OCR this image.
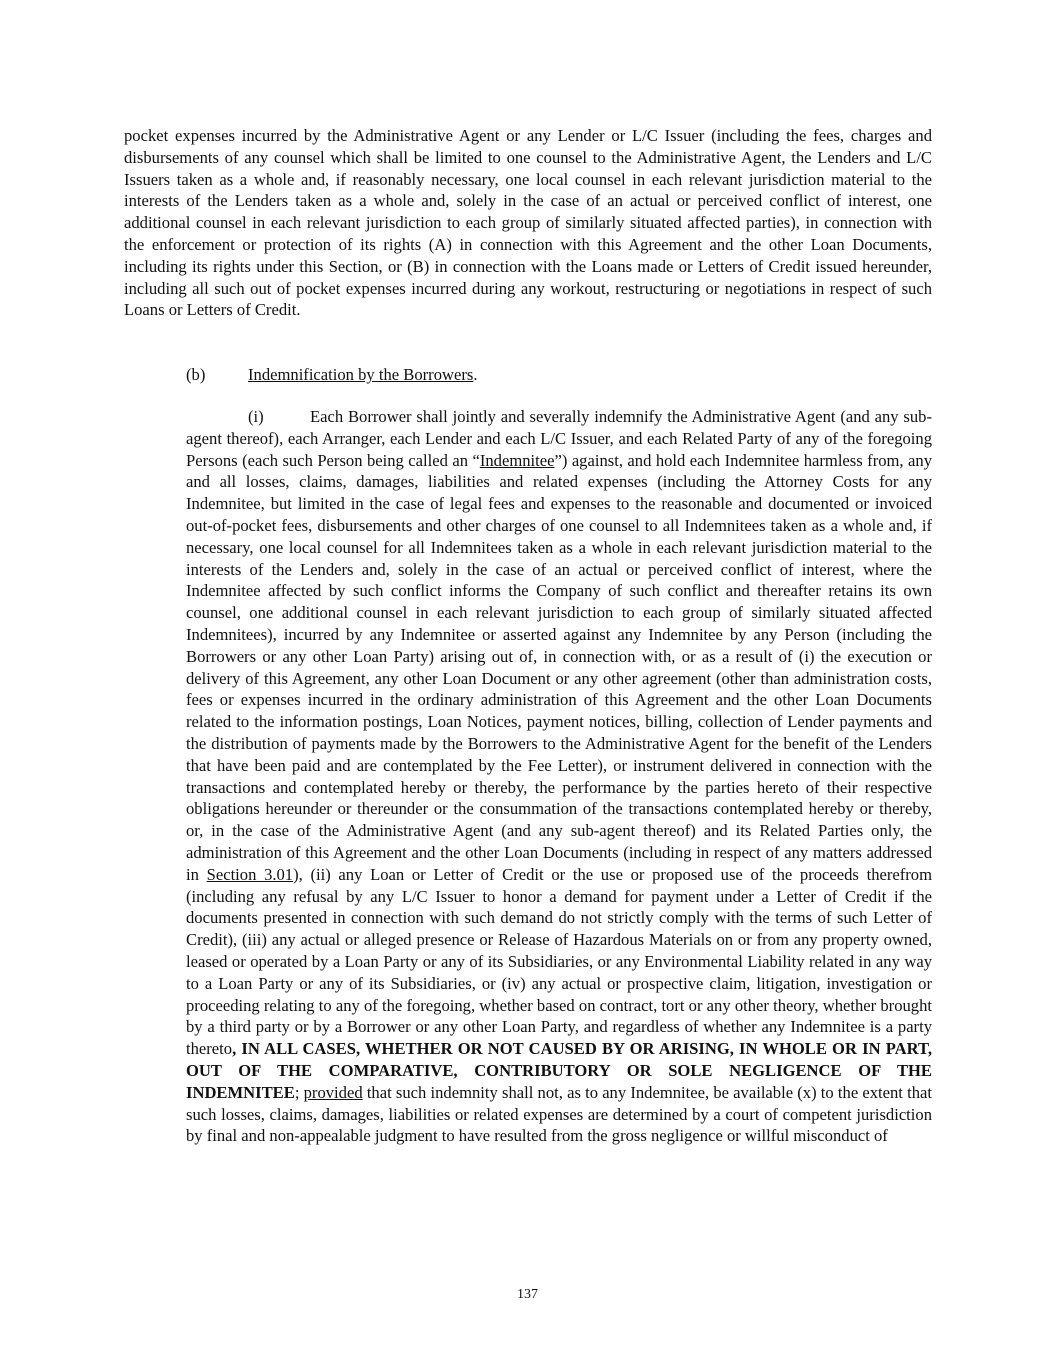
pocket expenses incurred by the Administrative Agent or any Lender or L/C Issuer (including the fees, charges and disbursements of any counsel which shall be limited to one counsel to the Administrative Agent, the Lenders and L/C Issuers taken as a whole and, if reasonably necessary, one local counsel in each relevant jurisdiction material to the interests of the Lenders taken as a whole and, solely in the case of an actual or perceived conflict of interest, one additional counsel in each relevant jurisdiction to each group of similarly situated affected parties), in connection with the enforcement or protection of its rights (A) in connection with this Agreement and the other Loan Documents, including its rights under this Section, or (B) in connection with the Loans made or Letters of Credit issued hereunder, including all such out of pocket expenses incurred during any workout, restructuring or negotiations in respect of such Loans or Letters of Credit.

(b)	Indemnification by the Borrowers.

(i)	Each Borrower shall jointly and severally indemnify the Administrative Agent (and any sub-agent thereof), each Arranger, each Lender and each L/C Issuer, and each Related Party of any of the foregoing Persons (each such Person being called an “Indemnitee”) against, and hold each Indemnitee harmless from, any and all losses, claims, damages, liabilities and related expenses (including the Attorney Costs for any Indemnitee, but limited in the case of legal fees and expenses to the reasonable and documented or invoiced out-of-pocket fees, disbursements and other charges of one counsel to all Indemnitees taken as a whole and, if necessary, one local counsel for all Indemnitees taken as a whole in each relevant jurisdiction material to the interests of the Lenders and, solely in the case of an actual or perceived conflict of interest, where the Indemnitee affected by such conflict informs the Company of such conflict and thereafter retains its own counsel, one additional counsel in each relevant jurisdiction to each group of similarly situated affected Indemnitees), incurred by any Indemnitee or asserted against any Indemnitee by any Person (including the Borrowers or any other Loan Party) arising out of, in connection with, or as a result of (i) the execution or delivery of this Agreement, any other Loan Document or any other agreement (other than administration costs, fees or expenses incurred in the ordinary administration of this Agreement and the other Loan Documents related to the information postings, Loan Notices, payment notices, billing, collection of Lender payments and the distribution of payments made by the Borrowers to the Administrative Agent for the benefit of the Lenders that have been paid and are contemplated by the Fee Letter), or instrument delivered in connection with the transactions and contemplated hereby or thereby, the performance by the parties hereto of their respective obligations hereunder or thereunder or the consummation of the transactions contemplated hereby or thereby, or, in the case of the Administrative Agent (and any sub-agent thereof) and its Related Parties only, the administration of this Agreement and the other Loan Documents (including in respect of any matters addressed in Section 3.01), (ii) any Loan or Letter of Credit or the use or proposed use of the proceeds therefrom (including any refusal by any L/C Issuer to honor a demand for payment under a Letter of Credit if the documents presented in connection with such demand do not strictly comply with the terms of such Letter of Credit), (iii) any actual or alleged presence or Release of Hazardous Materials on or from any property owned, leased or operated by a Loan Party or any of its Subsidiaries, or any Environmental Liability related in any way to a Loan Party or any of its Subsidiaries, or (iv) any actual or prospective claim, litigation, investigation or proceeding relating to any of the foregoing, whether based on contract, tort or any other theory, whether brought by a third party or by a Borrower or any other Loan Party, and regardless of whether any Indemnitee is a party thereto, IN ALL CASES, WHETHER OR NOT CAUSED BY OR ARISING, IN WHOLE OR IN PART, OUT OF THE COMPARATIVE, CONTRIBUTORY OR SOLE NEGLIGENCE OF THE INDEMNITEE; provided that such indemnity shall not, as to any Indemnitee, be available (x) to the extent that such losses, claims, damages, liabilities or related expenses are determined by a court of competent jurisdiction by final and non-appealable judgment to have resulted from the gross negligence or willful misconduct of

137
